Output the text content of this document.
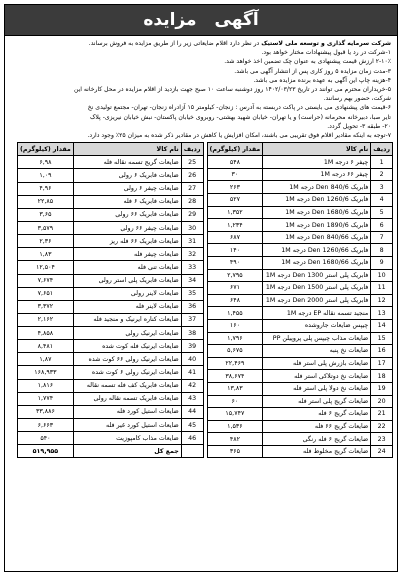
مزایده آگهی
شرکت سرمایه گذاری و توسعه ملی لاستیک در نظر دارد اقلام ضایعاتی زیر را از طریق مزایده به فروش برساند.
۱-شرکت در رد یا قبول پیشنهادات مختار خواهد بود.
۲-۱۰٪ ارزش قیمت پیشنهادی به عنوان چک تضمین اخذ خواهد شد.
۳-مدت زمان مزایده ۵ روز کاری پس از انتشار آگهی می باشد.
۴-هزینه چاپ این آگهی به عهده برنده مزایده می باشد.
۵-خریداران محترم می توانند در تاریخ ۱۴۰۲/۰۳/۲۳ روز دوشنبه ساعت ۱۰ صبح جهت بازدید از اقلام مزایده در محل کارخانه این
شرکت، حضور بهم رسانند.
۶-قیمت های پیشنهادی می بایستی در پاکت دربسته به آدرس : زنجان- کیلومتر ۱۵ آزادراه زنجان- تهران- مجتمع تولیدی نخ
تایر صبا، دبیرخانه محرمانه (حراست) و یا تهران- خیابان شهید بهشتی- روبروی خیابان پاکستان- نبش خیابان نیریزی- پلاک
۲۰- طبقه ۳- تحویل گردد.
۷-توجه به اینکه مقادیر اقلام فوق تقریبی می باشند، امکان افزایش یا کاهش در مقادیر ذکر شده به میزان ۲۵٪ وجود دارد.
ردیف	نام کالا	مقدار (کیلوگرم)
1	چیفر ۶ درجه 1M	۵۴۸
2	چیفر ۶۶ درجه 1M	۳۰
3	فابریک 840/6 Den درجه 1M	۲۶۳
4	فابریک 1260/6 Den درجه 1M	۵۲۷
5	فابریک 1680/6 Den درجه 1M	۱,۳۵۲
6	فابریک 1890/6 Den درجه 1M	۱,۲۳۴
7	فابریک 840/66 Den درجه 1M	۶۸۷
8	فابریک 1260/66 Den درجه 1M	۱۴۰
9	فابریک 1680/66 Den درجه 1M	۴۹۰
10	فابریک پلی استر 1300 Den درجه 1M	۲,۷۹۵
11	فابریک پلی استر 1500 Den درجه 1M	۶۷۱
12	فابریک پلی استر 2000 Den درجه 1M	۶۴۸
13	منجید تسمه نقاله EP درجه 1M	۱,۴۵۵
14	چیپس ضایعات جاروشده	۱۶۰
15	ضایعات مذاب چیپس پلی پروپیلن PP	۱,۷۹۶
16	ضایعات نخ پنبه	۵,۶۷۵
17	ضایعات بازرش پلی استر فله	۲۲,۴۶۹
18	ضایعات نخ دوتلاکی استر فله	۳۸,۶۷۴
19	ضایعات نخ دولا پلی استر فله	۱۳,۸۳
20	ضایعات گریج پلی استر فله	۶۰
21	ضایعات گریج ۶ فله	۱۵,۷۴۷
22	ضایعات گریج ۶۶ فله	۱,۵۳۶
23	ضایعات گریج ۶ فله رنگی	۴۸۲
24	ضایعات گریج مخلوط فله	۳۶۵
ردیف	نام کالا	مقدار (کیلوگرم)
25	ضایعات گریج تسمه نقاله فله	۶,۹۸
26	ضایعات فابریک ۶ رولی	۱,۰۹
27	ضایعات چیفر ۶ رولی	۴,۹۶
28	ضایعات فابریک ۶ فله	۲۲,۸۵
29	ضایعات فابریک ۶۶ رولی	۳,۶۵
30	ضایعات چیفر ۶۶ رولی	۳,۵۷۹
31	ضایعات فابریک ۶۶ فله ریز	۲,۳۶
32	ضایعات چیفر فله	۱,۸۳
33	ضایعات تنی فله	۱۲,۵۰۴
34	ضایعات فابریک پلی استر رولی	۷,۶۷۴
35	ضایعات لاینر رولی	۷,۶۵۱
36	ضایعات لاینر فله	۳,۳۷۲
37	ضایعات کناره ایرنیک و منجید فله	۲,۱۶۲
38	ضایعات ایرنیک رولی	۴,۸۵۸
39	ضایعات ایرنیک فله کوت شده	۸,۴۸۱
40	ضایعات ایرنیک رولی ۶۶ کوت شده	۱,۸۷
41	ضایعات ایرنیک رولی ۶ کوت شده	۱۶۸,۹۳۳
42	ضایعات فابریک کف فله تسمه نقاله	۱,۸۱۶
43	ضایعات فابریک تسمه نقاله رولی	۱,۷۷۴
44	ضایعات استیل کورد فله	۳۳,۸۸۶
45	ضایعات استیل کورد غیر فله	۶,۶۶۳
46	ضایعات مذاب کامپوزیت	۵۴۰
	جمع کل	۵۱۹,۹۵۵
